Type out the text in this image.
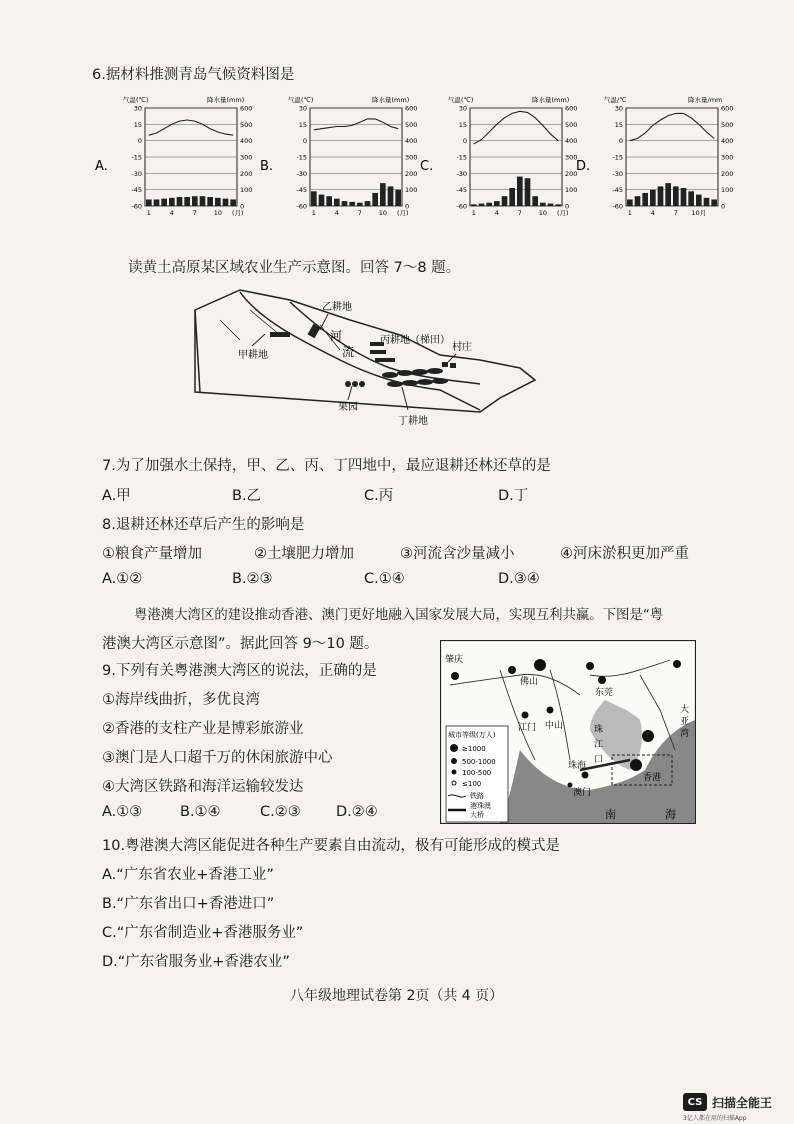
6.据材料推测青岛气候资料图是
A.
气温(℃)	降水量(mm)
30	600
15	500
0	400
-15	300
-30	200
-45	100
-60	0
1	4	7	10 (月)
B.
气温(℃)	降水量(mm)
30	600
15	500
0	400
-15	300
-30	200
-45	100
-60	0
1	4	7	10 (月)
C.
气温(℃)	降水量(mm)
30	600
15	500
0	400
-15	300
-30	200
-45	100
-60	0
1	4	7	10 (月)
D.
气温/℃	降水量/mm
30	600
15	500
0	400
-15	300
-30	200
-45	100
-60	0
1	4	7 10月
读黄土高原某区域农业生产示意图。回答 7～8 题。
乙耕地
甲耕地
河
流
丙耕地（梯田）
村庄
果园
丁耕地
7.为了加强水土保持，甲、乙、丙、丁四地中，最应退耕还林还草的是
A.甲	B.乙	C.丙	D.丁
8.退耕还林还草后产生的影响是
①粮食产量增加	②土壤肥力增加	③河流含沙量减小	④河床淤积更加严重
A.①②	B.②③	C.①④	D.③④
粤港澳大湾区的建设推动香港、澳门更好地融入国家发展大局，实现互利共赢。下图是“粤
港澳大湾区示意图”。据此回答 9～10 题。
9.下列有关粤港澳大湾区的说法，正确的是
①海岸线曲折，多优良湾
②香港的支柱产业是博彩旅游业
③澳门是人口超千万的休闲旅游中心
④大湾区铁路和海洋运输较发达
A.①③	B.①④	C.②③ D.②④
肇庆
佛山
东莞
江门 中山	珠
江
口
珠海
澳门
香港
大
亚
湾
南	海
城市等级(万人)
≥1000
500-1000
100-500
≤100
铁路
港珠澳
大桥
10.粤港澳大湾区能促进各种生产要素自由流动，极有可能形成的模式是
A.“广东省农业+香港工业”
B.“广东省出口+香港进口”
C.“广东省制造业+香港服务业”
D.“广东省服务业+香港农业”
八年级地理试卷第 2页（共 4 页）
CS 扫描全能王
3亿人都在用的扫描App
